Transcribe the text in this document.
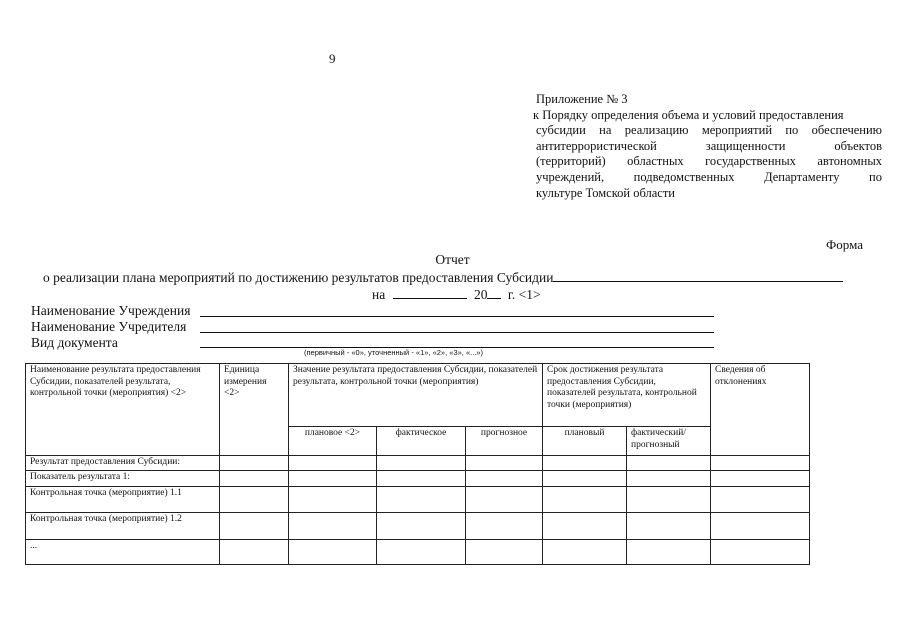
9
Приложение № 3
к Порядку определения объема и условий предоставления
субсидии на реализацию мероприятий по обеспечению
антитеррористической защищенности объектов
(территорий) областных государственных автономных
учреждений, подведомственных Департаменту по
культуре Томской области
Форма
Отчет
о реализации плана мероприятий по достижению результатов предоставления Субсидии
на	20 г. <1>
Наименование Учреждения
Наименование Учредителя
Вид документа
(первичный - «0», уточненный - «1», «2», «3», «...»)
Наименование результата предоставления Субсидии, показателей результата, контрольной точки (мероприятия) <2>	Единица измерения <2>	Значение результата предоставления Субсидии, показателей результата, контрольной точки (мероприятия)			Срок достижения результата предоставления Субсидии, показателей результата, контрольной точки (мероприятия)		Сведения об отклонениях
		плановое <2>	фактическое	прогнозное	плановый	фактический/ прогнозный	
Результат предоставления Субсидии:							
Показатель результата 1:							
Контрольная точка (мероприятие) 1.1							
Контрольная точка (мероприятие) 1.2							
...							
